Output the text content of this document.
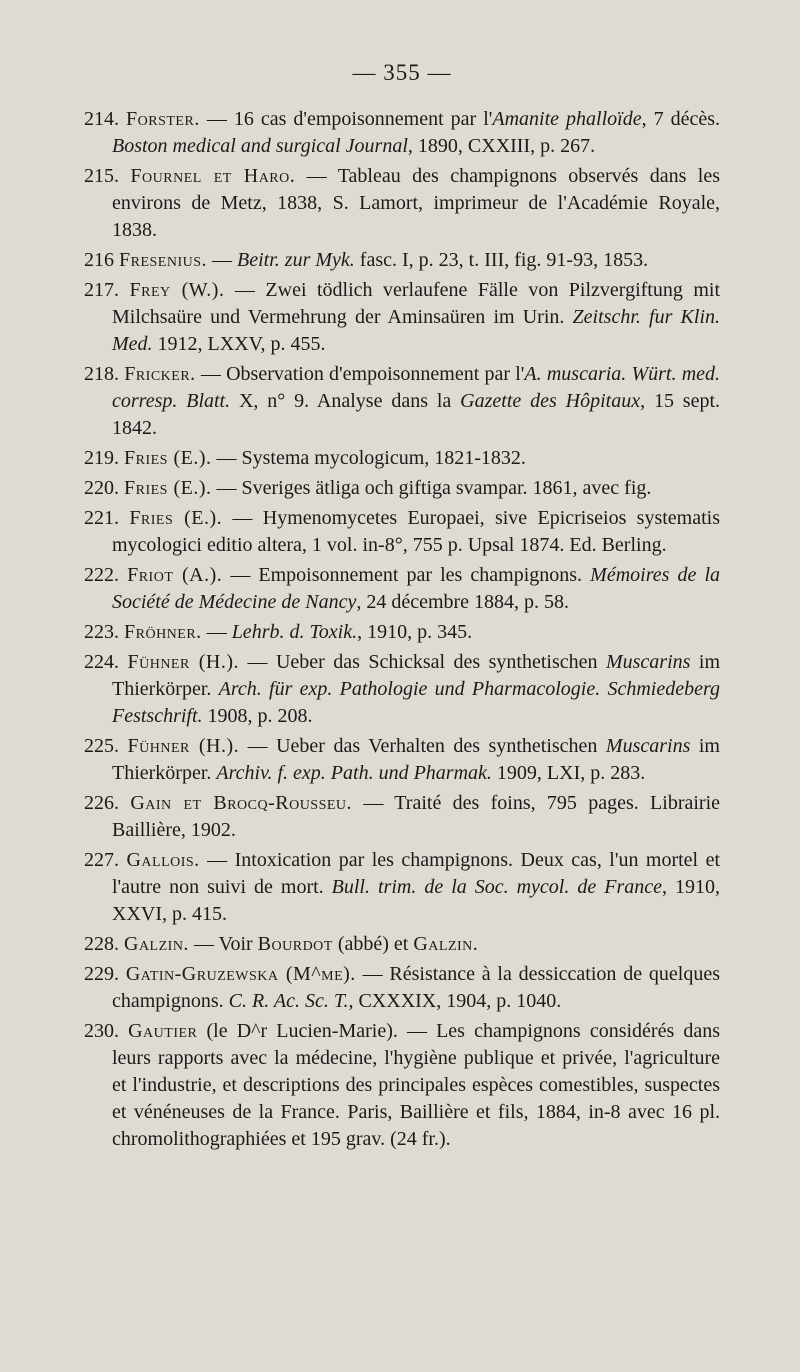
— 355 —
214. Forster. — 16 cas d'empoisonnement par l'Amanite phalloïde, 7 décès. Boston medical and surgical Journal, 1890, CXXIII, p. 267.
215. Fournel et Haro. — Tableau des champignons observés dans les environs de Metz, 1838, S. Lamort, imprimeur de l'Académie Royale, 1838.
216 Fresenius. — Beitr. zur Myk. fasc. I, p. 23, t. III, fig. 91-93, 1853.
217. Frey (W.). — Zwei tödlich verlaufene Fälle von Pilzvergiftung mit Milchsaüre und Vermehrung der Aminsaüren im Urin. Zeitschr. fur Klin. Med. 1912, LXXV, p. 455.
218. Fricker. — Observation d'empoisonnement par l'A. muscaria. Würt. med. corresp. Blatt. X, n° 9. Analyse dans la Gazette des Hôpitaux, 15 sept. 1842.
219. Fries (E.). — Systema mycologicum, 1821-1832.
220. Fries (E.). — Sveriges ätliga och giftiga svampar. 1861, avec fig.
221. Fries (E.). — Hymenomycetes Europaei, sive Epicriseios systematis mycologici editio altera, 1 vol. in-8°, 755 p. Upsal 1874. Ed. Berling.
222. Friot (A.). — Empoisonnement par les champignons. Mémoires de la Société de Médecine de Nancy, 24 décembre 1884, p. 58.
223. Fröhner. — Lehrb. d. Toxik., 1910, p. 345.
224. Fühner (H.). — Ueber das Schicksal des synthetischen Muscarins im Thierkörper. Arch. für exp. Pathologie und Pharmacologie. Schmiedeberg Festschrift. 1908, p. 208.
225. Fühner (H.). — Ueber das Verhalten des synthetischen Muscarins im Thierkörper. Archiv. f. exp. Path. und Pharmak. 1909, LXI, p. 283.
226. Gain et Brocq-Rousseu. — Traité des foins, 795 pages. Librairie Baillière, 1902.
227. Gallois. — Intoxication par les champignons. Deux cas, l'un mortel et l'autre non suivi de mort. Bull. trim. de la Soc. mycol. de France, 1910, XXVI, p. 415.
228. Galzin. — Voir Bourdot (abbé) et Galzin.
229. Gatin-Gruzewska (M^me). — Résistance à la dessiccation de quelques champignons. C. R. Ac. Sc. T., CXXXIX, 1904, p. 1040.
230. Gautier (le D^r Lucien-Marie). — Les champignons considérés dans leurs rapports avec la médecine, l'hygiène publique et privée, l'agriculture et l'industrie, et descriptions des principales espèces comestibles, suspectes et vénéneuses de la France. Paris, Baillière et fils, 1884, in-8 avec 16 pl. chromolithographiées et 195 grav. (24 fr.).
